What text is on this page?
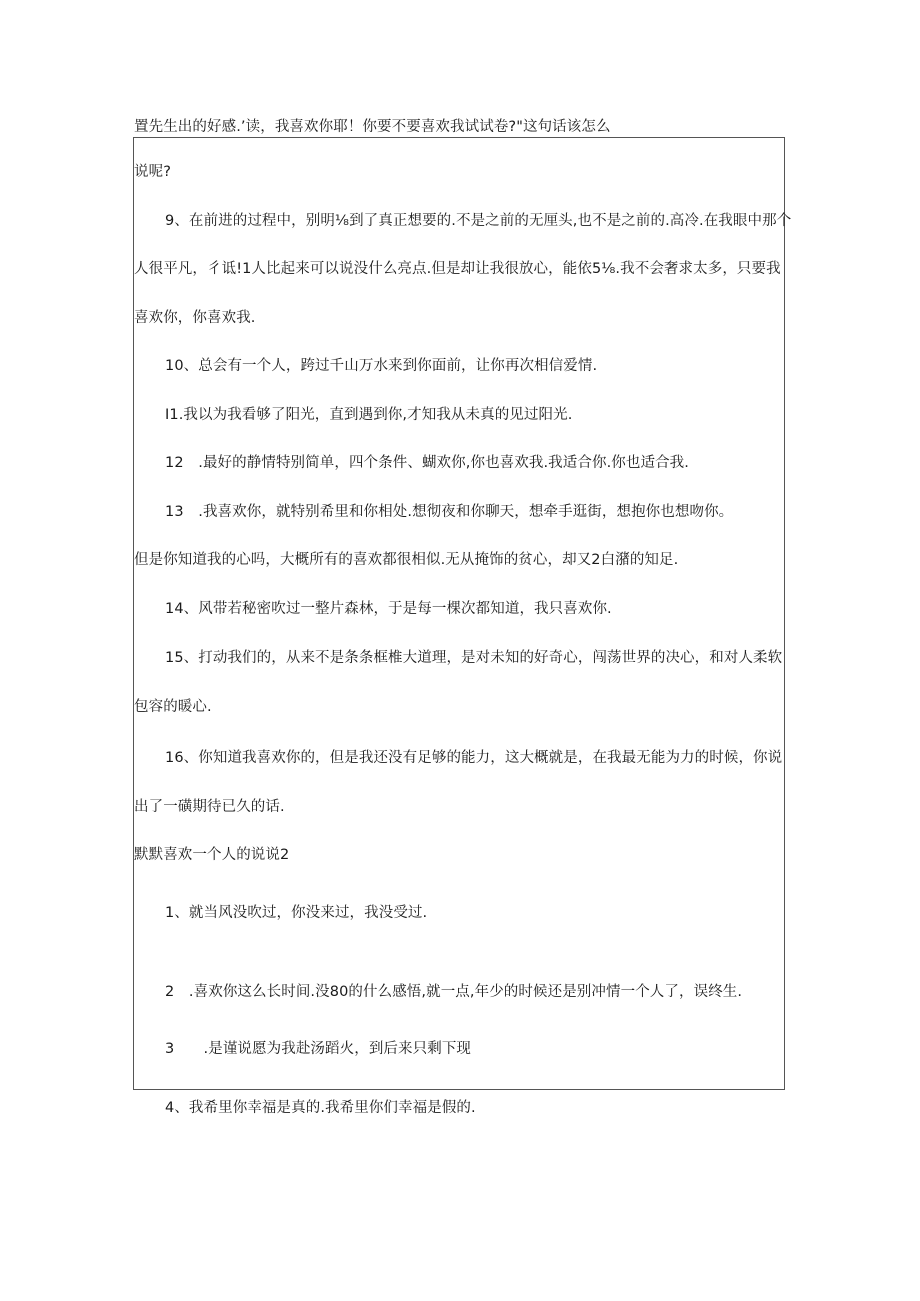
置先生出的好感.’读，我喜欢你耶！你要不要喜欢我试试卷?"这句话该怎么
说呢?
9、在前进的过程中，别明⅛到了真正想要的.不是之前的无厘头,也不是之前的.高冷.在我眼中那个
人很平凡，彳诋!1人比起来可以说没什么亮点.但是却让我很放心，能依5⅛.我不会奢求太多，只要我
喜欢你，你喜欢我.
10、总会有一个人，跨过千山万水来到你面前，让你再次相信爱情.
I1.我以为我看够了阳光，直到遇到你,才知我从未真的见过阳光.
12　.最好的静情特别简单，四个条件、蝴欢你,你也喜欢我.我适合你.你也适合我.
13　.我喜欢你，就特别希里和你相处.想彻夜和你聊天，想牵手逛街，想抱你也想吻你。
但是你知道我的心吗，大概所有的喜欢都很相似.无从掩饰的贫心，却又2白潴的知足.
14、风带若秘密吹过一整片森林，于是每一棵次都知道，我只喜欢你.
15、打动我们的，从来不是条条框椎大道理，是对未知的好奇心，闯荡世界的决心，和对人柔软
包容的暖心.
16、你知道我喜欢你的，但是我还没有足够的能力，这大概就是，在我最无能为力的时候，你说
出了一磺期待已久的话.
默默喜欢一个人的说说2
1、就当风没吹过，你没来过，我没受过.
2　.喜欢你这么长时间.没80的什么感悟,就一点,年少的时候还是别冲情一个人了，误终生.
3　　.是谨说愿为我赴汤蹈火，到后来只剩下现
4、我希里你幸福是真的.我希里你们幸福是假的.
